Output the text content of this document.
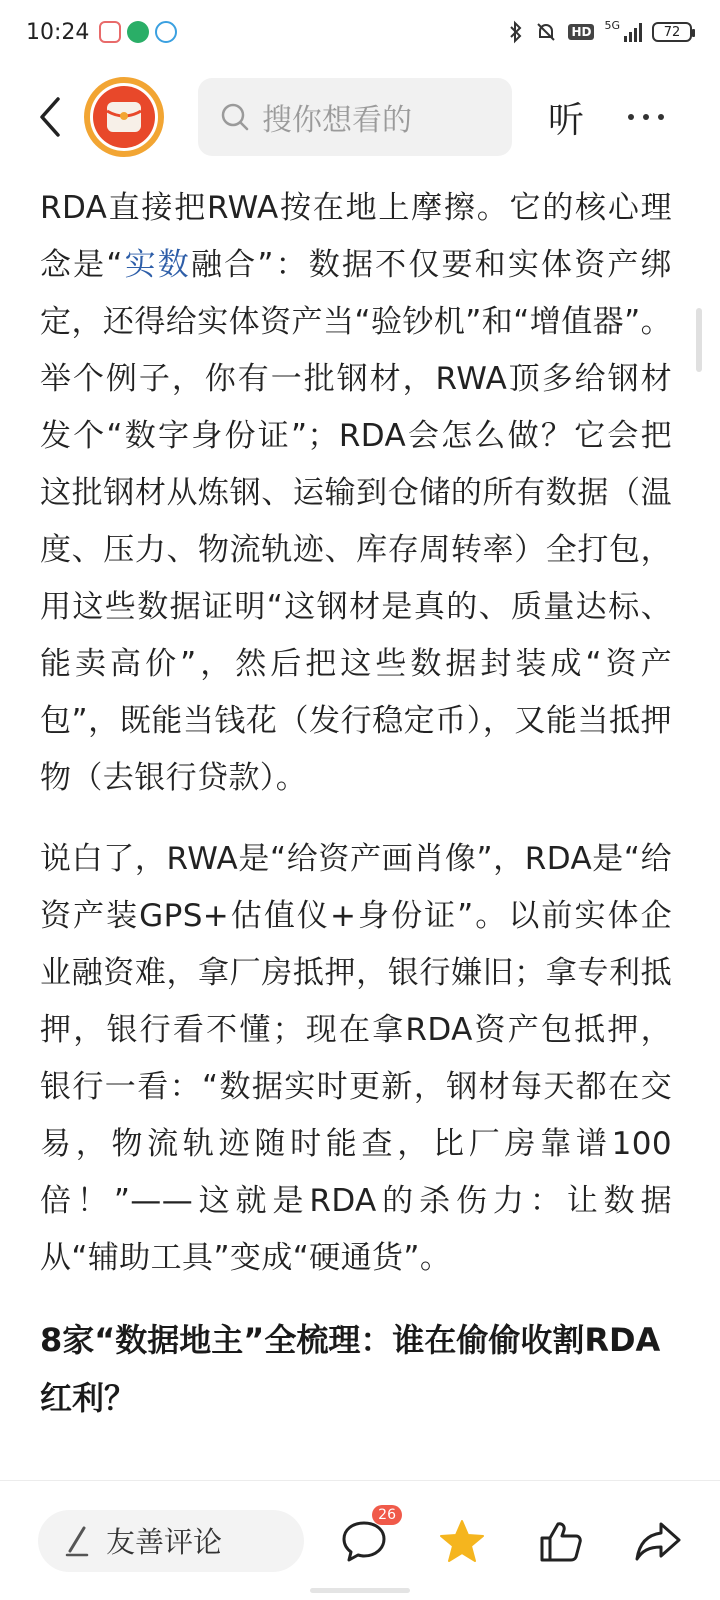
10:24	HD 5G	72
搜你想看的	听

RDA直接把RWA按在地上摩擦。它的核心理念是“实数融合”：数据不仅要和实体资产绑定，还得给实体资产当“验钞机”和“增值器”。举个例子，你有一批钢材，RWA顶多给钢材发个“数字身份证”；RDA会怎么做？它会把这批钢材从炼钢、运输到仓储的所有数据（温度、压力、物流轨迹、库存周转率）全打包，用这些数据证明“这钢材是真的、质量达标、能卖高价”，然后把这些数据封装成“资产包”，既能当钱花（发行稳定币），又能当抵押物（去银行贷款）。

说白了，RWA是“给资产画肖像”，RDA是“给资产装GPS+估值仪+身份证”。以前实体企业融资难，拿厂房抵押，银行嫌旧；拿专利抵押，银行看不懂；现在拿RDA资产包抵押，银行一看：“数据实时更新，钢材每天都在交易，物流轨迹随时能查，比厂房靠谱100倍！”——这就是RDA的杀伤力：让数据从“辅助工具”变成“硬通货”。

8家“数据地主”全梳理：谁在偷偷收割RDA红利？
友善评论
26
